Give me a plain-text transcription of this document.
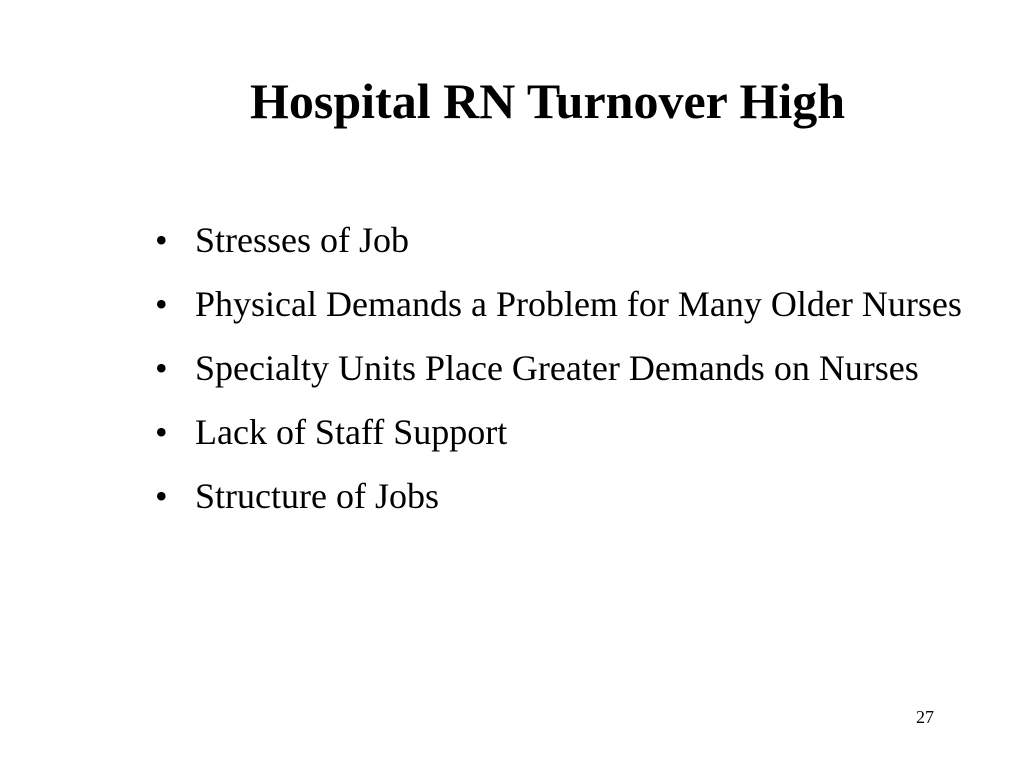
Hospital RN Turnover High
• Stresses of Job
• Physical Demands a Problem for Many Older Nurses
• Specialty Units Place Greater Demands on Nurses
• Lack of Staff Support
• Structure of Jobs
27
